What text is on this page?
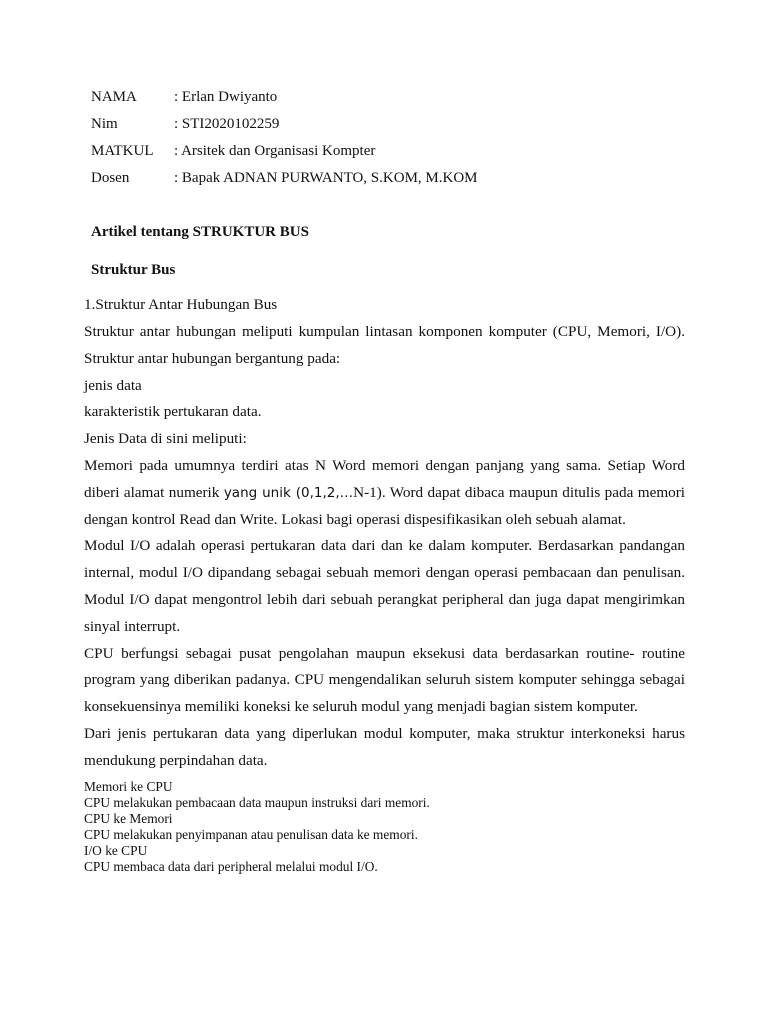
NAMA : Erlan Dwiyanto
Nim	: STI2020102259
MATKUL : Arsitek dan Organisasi Kompter
Dosen	: Bapak ADNAN PURWANTO, S.KOM, M.KOM
Artikel tentang STRUKTUR BUS
Struktur Bus
1.Struktur Antar Hubungan Bus
Struktur antar hubungan meliputi kumpulan lintasan komponen komputer (CPU, Memori, I/O).
Struktur antar hubungan bergantung pada:
jenis data
karakteristik pertukaran data.
Jenis Data di sini meliputi:
Memori pada umumnya terdiri atas N Word memori dengan panjang yang sama. Setiap Word
diberi alamat numerik yang unik (0,1,2,…N-1). Word dapat dibaca maupun ditulis pada memori
dengan kontrol Read dan Write. Lokasi bagi operasi dispesifikasikan oleh sebuah alamat.
Modul I/O adalah operasi pertukaran data dari dan ke dalam komputer. Berdasarkan pandangan
internal, modul I/O dipandang sebagai sebuah memori dengan operasi pembacaan dan penulisan.
Modul I/O dapat mengontrol lebih dari sebuah perangkat peripheral dan juga dapat mengirimkan
sinyal interrupt.
CPU berfungsi sebagai pusat pengolahan maupun eksekusi data berdasarkan routine- routine
program yang diberikan padanya. CPU mengendalikan seluruh sistem komputer sehingga sebagai
konsekuensinya memiliki koneksi ke seluruh modul yang menjadi bagian sistem komputer.
Dari jenis pertukaran data yang diperlukan modul komputer, maka struktur interkoneksi harus
mendukung perpindahan data.
Memori ke CPU
CPU melakukan pembacaan data maupun instruksi dari memori.
CPU ke Memori
CPU melakukan penyimpanan atau penulisan data ke memori.
I/O ke CPU
CPU membaca data dari peripheral melalui modul I/O.
